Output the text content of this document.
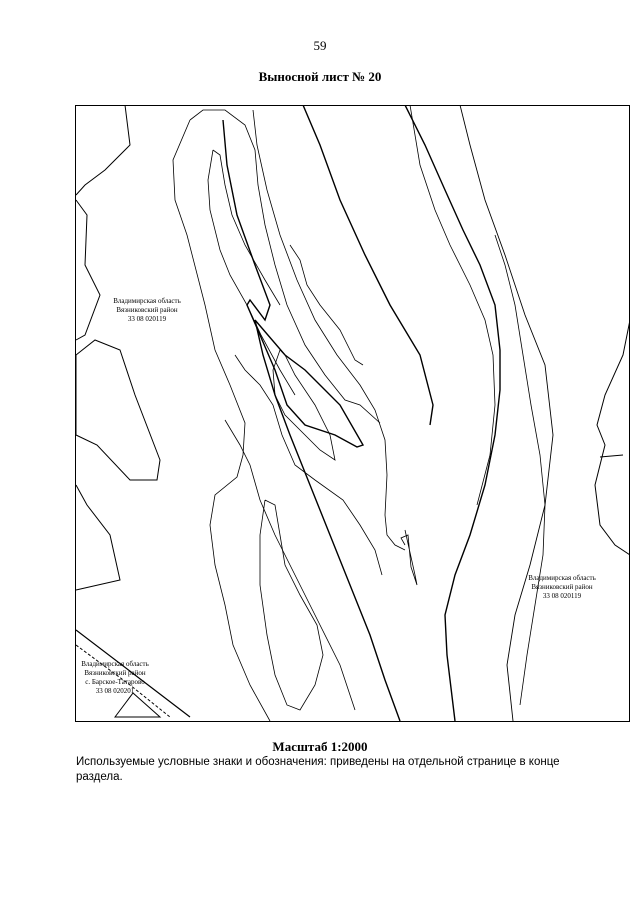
59
Выносной лист № 20
Владимирская область
Вязниковский район
33 08 020119
Владимирская область
Вязниковский район
33 08 020119
Владимирская область
Вязниковский район
с. Барское-Татарово
33 08 020201
Масштаб 1:2000
Используемые условные знаки и обозначения: приведены на отдельной странице в конце раздела.
